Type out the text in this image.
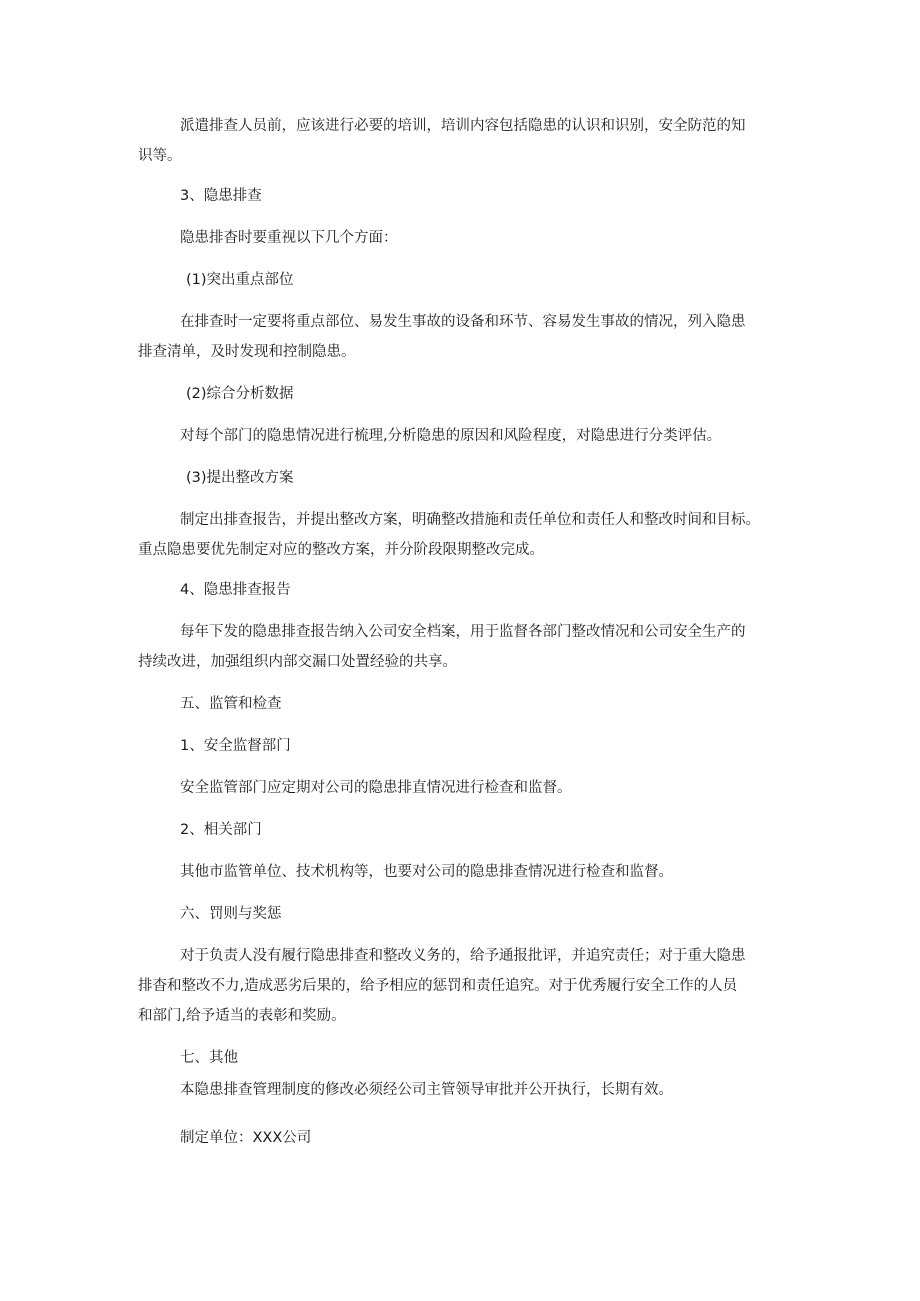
派遣排查人员前，应该进行必要的培训，培训内容包括隐患的认识和识别，安全防范的知

识等。

3、隐患排查

隐患排杳时要重视以下几个方面：

(1)突出重点部位

在排查时一定要将重点部位、易发生事故的设备和环节、容易发生事故的情况，列入隐患

排查清单，及时发现和控制隐患。

(2)综合分析数据

对每个部门的隐患情况进行梳理,分析隐患的原因和风险程度，对隐患进行分类评估。

(3)提出整改方案

制定出排查报告，并提出整改方案，明确整改措施和责任单位和责任人和整改时间和目标。

重点隐患要优先制定对应的整改方案，并分阶段限期整改完成。

4、隐患排查报告

每年下发的隐患排查报告纳入公司安全档案，用于监督各部门整改情况和公司安全生产的

持续改进，加强组织内部交漏口处置经验的共享。

五、监管和检查

1、安全监督部门

安全监管部门应定期对公司的隐患排直情况进行检查和监督。

2、相关部门

其他市监管单位、技术机构等，也要对公司的隐患排查情况进行检查和监督。

六、罚则与奖惩

对于负责人没有履行隐患排查和整改义务的，给予通报批评，并追究责任；对于重大隐患

排杳和整改不力,造成恶劣后果的，给予相应的惩罚和责任追究。对于优秀履行安全工作的人员

和部门,给予适当的表彰和奖励。

七、其他

本隐患排查管理制度的修改必须经公司主管领导审批并公开执行，长期有效。

制定单位：XXX公司
